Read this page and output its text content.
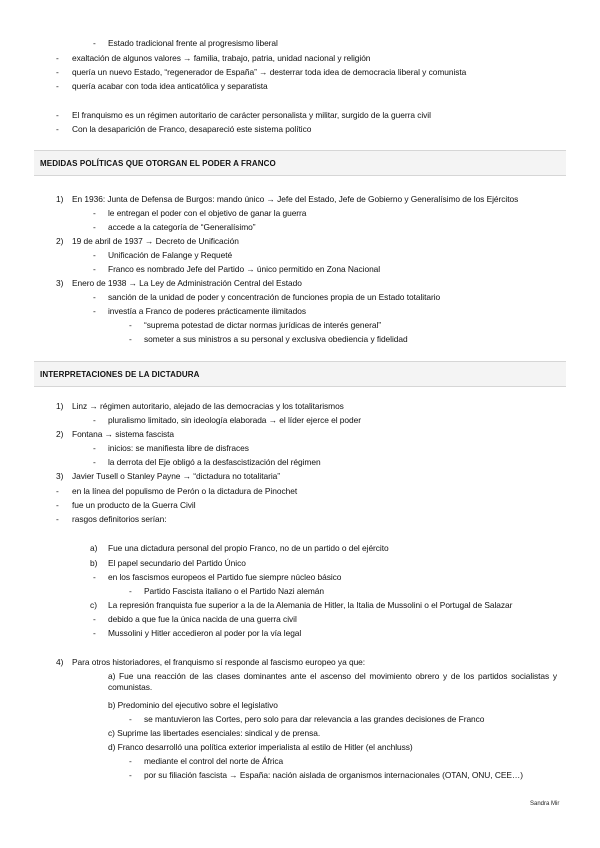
- Estado tradicional frente al progresismo liberal
- exaltación de algunos valores → familia, trabajo, patria, unidad nacional y religión
- quería un nuevo Estado, “regenerador de España” → desterrar toda idea de democracia liberal y comunista
- quería acabar con toda idea anticatólica y separatista
- El franquismo es un régimen autoritario de carácter personalista y militar, surgido de la guerra civil
- Con la desaparición de Franco, desapareció este sistema político
MEDIDAS POLÍTICAS QUE OTORGAN EL PODER A FRANCO
1) En 1936: Junta de Defensa de Burgos: mando único → Jefe del Estado, Jefe de Gobierno y Generalísimo de los Ejércitos
- le entregan el poder con el objetivo de ganar la guerra
- accede a la categoría de “Generalísimo”
2) 19 de abril de 1937 → Decreto de Unificación
- Unificación de Falange y Requeté
- Franco es nombrado Jefe del Partido → único permitido en Zona Nacional
3) Enero de 1938 → La Ley de Administración Central del Estado
- sanción de la unidad de poder y concentración de funciones propia de un Estado totalitario
- investía a Franco de poderes prácticamente ilimitados
- “suprema potestad de dictar normas jurídicas de interés general”
- someter a sus ministros a su personal y exclusiva obediencia y fidelidad
INTERPRETACIONES DE LA DICTADURA
1) Linz → régimen autoritario, alejado de las democracias y los totalitarismos
- pluralismo limitado, sin ideología elaborada → el líder ejerce el poder
2) Fontana → sistema fascista
- inicios: se manifiesta libre de disfraces
- la derrota del Eje obligó a la desfascistización del régimen
3) Javier Tusell o Stanley Payne → “dictadura no totalitaria”
- en la línea del populismo de Perón o la dictadura de Pinochet
- fue un producto de la Guerra Civil
- rasgos definitorios serían:
a) Fue una dictadura personal del propio Franco, no de un partido o del ejército
b) El papel secundario del Partido Único
- en los fascismos europeos el Partido fue siempre núcleo básico
- Partido Fascista italiano o el Partido Nazi alemán
c) La represión franquista fue superior a la de la Alemania de Hitler, la Italia de Mussolini o el Portugal de Salazar
- debido a que fue la única nacida de una guerra civil
- Mussolini y Hitler accedieron al poder por la vía legal
4) Para otros historiadores, el franquismo sí responde al fascismo europeo ya que:
a) Fue una reacción de las clases dominantes ante el ascenso del movimiento obrero y de los partidos socialistas y comunistas.
b) Predominio del ejecutivo sobre el legislativo
- se mantuvieron las Cortes, pero solo para dar relevancia a las grandes decisiones de Franco
c) Suprime las libertades esenciales: sindical y de prensa.
d) Franco desarrolló una política exterior imperialista al estilo de Hitler (el anchluss)
- mediante el control del norte de África
- por su filiación fascista → España: nación aislada de organismos internacionales (OTAN, ONU, CEE…)
Sandra Mir
